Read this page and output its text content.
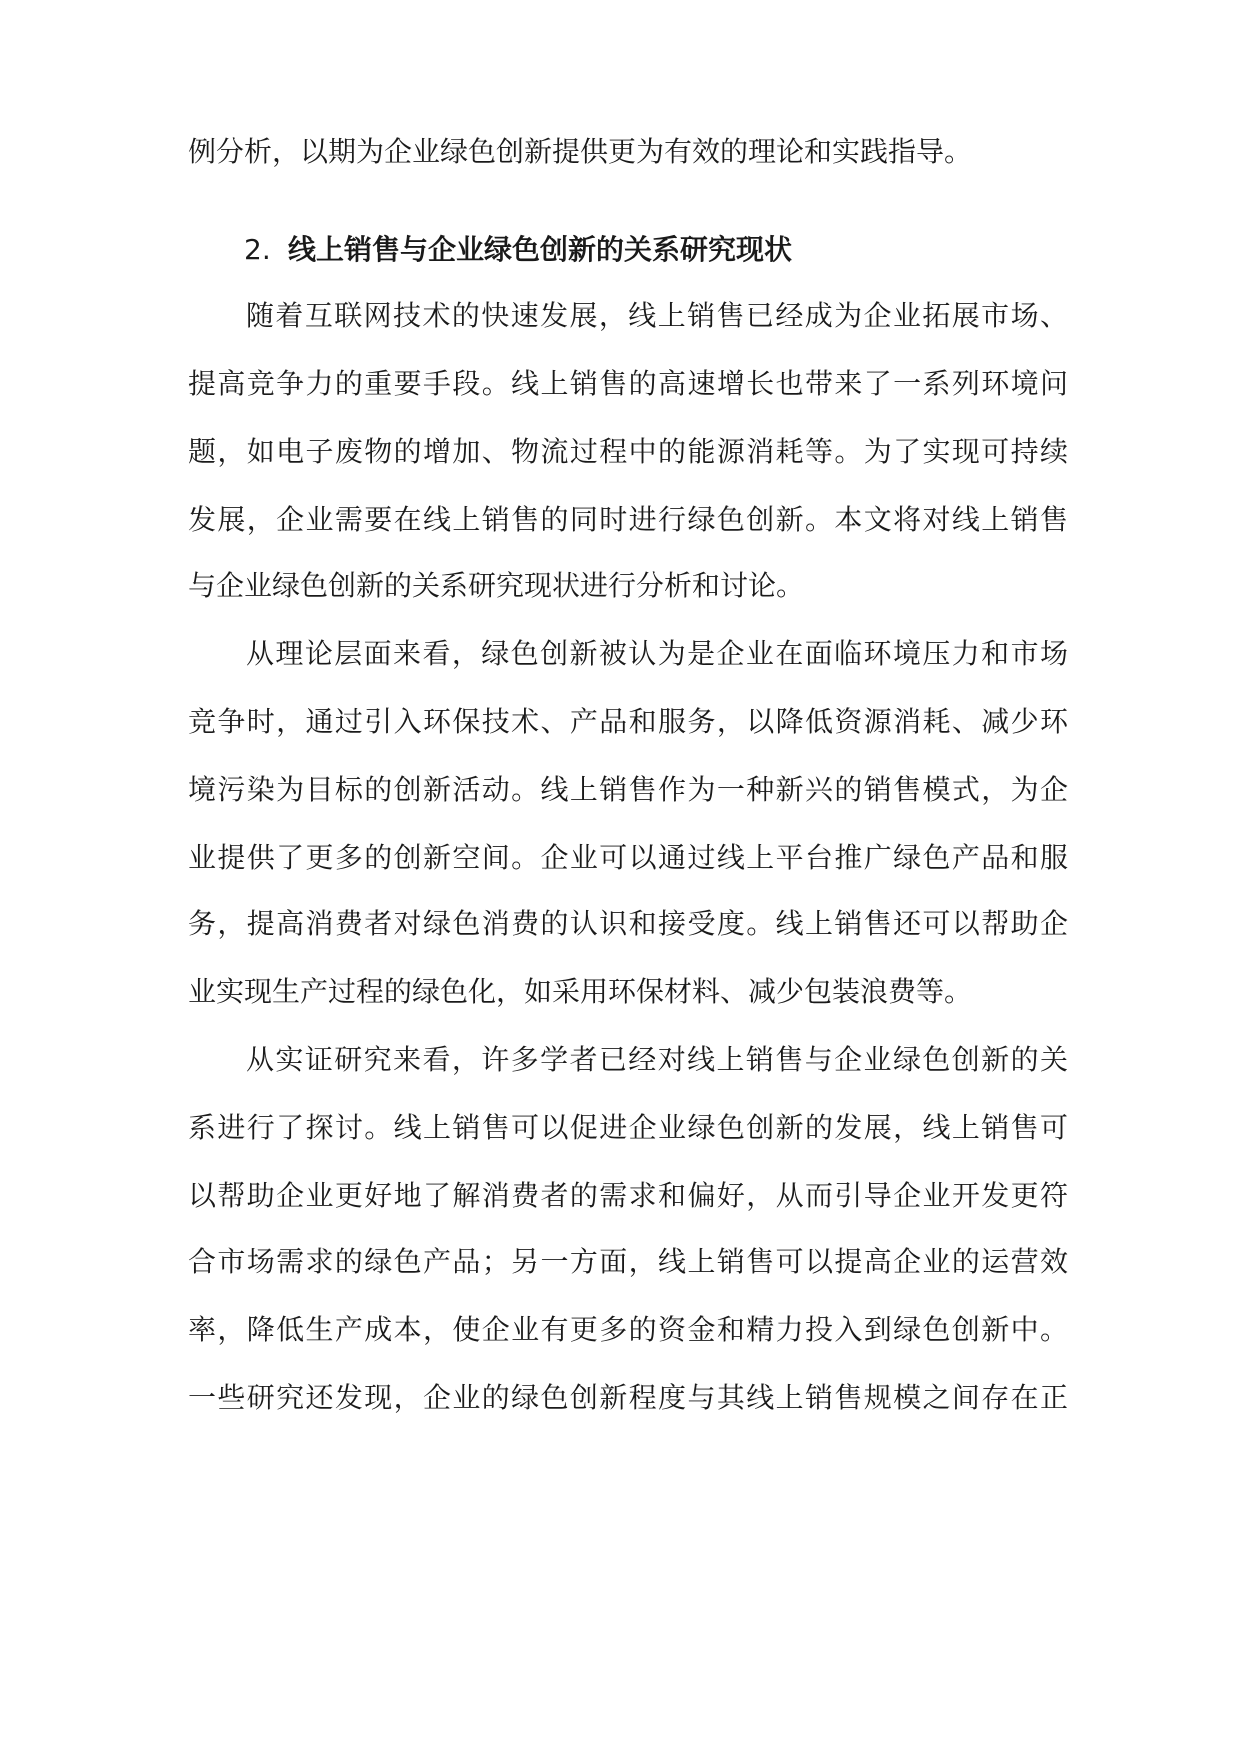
例分析，以期为企业绿色创新提供更为有效的理论和实践指导。
2. 线上销售与企业绿色创新的关系研究现状
随着互联网技术的快速发展，线上销售已经成为企业拓展市场、
提高竞争力的重要手段。线上销售的高速增长也带来了一系列环境问
题，如电子废物的增加、物流过程中的能源消耗等。为了实现可持续
发展，企业需要在线上销售的同时进行绿色创新。本文将对线上销售
与企业绿色创新的关系研究现状进行分析和讨论。
从理论层面来看，绿色创新被认为是企业在面临环境压力和市场
竞争时，通过引入环保技术、产品和服务，以降低资源消耗、减少环
境污染为目标的创新活动。线上销售作为一种新兴的销售模式，为企
业提供了更多的创新空间。企业可以通过线上平台推广绿色产品和服
务，提高消费者对绿色消费的认识和接受度。线上销售还可以帮助企
业实现生产过程的绿色化，如采用环保材料、减少包装浪费等。
从实证研究来看，许多学者已经对线上销售与企业绿色创新的关
系进行了探讨。线上销售可以促进企业绿色创新的发展，线上销售可
以帮助企业更好地了解消费者的需求和偏好，从而引导企业开发更符
合市场需求的绿色产品；另一方面，线上销售可以提高企业的运营效
率，降低生产成本，使企业有更多的资金和精力投入到绿色创新中。
一些研究还发现，企业的绿色创新程度与其线上销售规模之间存在正
